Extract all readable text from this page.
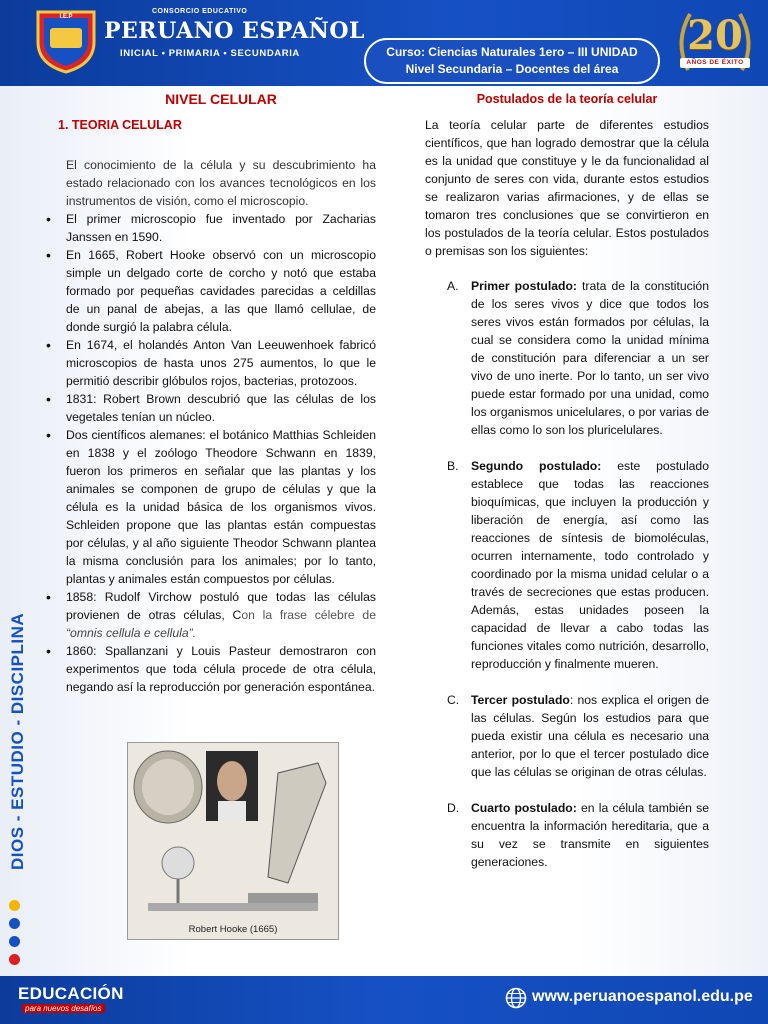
I.E.P
CONSORCIO EDUCATIVO
PERUANO ESPAÑOL
INICIAL • PRIMARIA • SECUNDARIA	Curso: Ciencias Naturales 1ero – III UNIDAD
Nivel Secundaria – Docentes del área
20
AÑOS DE ÉXITO
DIOS - ESTUDIO - DISCIPLINA
NIVEL CELULAR
1. TEORIA CELULAR

El conocimiento de la célula y su descubrimiento ha estado relacionado con los avances tecnológicos en los instrumentos de visión, como el microscopio.

• El primer microscopio fue inventado por Zacharias Janssen en 1590.
• En 1665, Robert Hooke observó con un microscopio simple un delgado corte de corcho y notó que estaba formado por pequeñas cavidades parecidas a celdillas de un panal de abejas, a las que llamó cellulae, de donde surgió la palabra célula.
• En 1674, el holandés Anton Van Leeuwenhoek fabricó microscopios de hasta unos 275 aumentos, lo que le permitió describir glóbulos rojos, bacterias, protozoos.
• 1831: Robert Brown descubrió que las células de los vegetales tenían un núcleo.
• Dos científicos alemanes: el botánico Matthias Schleiden en 1838 y el zoólogo Theodore Schwann en 1839, fueron los primeros en señalar que las plantas y los animales se componen de grupo de células y que la célula es la unidad básica de los organismos vivos. Schleiden propone que las plantas están compuestas por células, y al año siguiente Theodor Schwann plantea la misma conclusión para los animales; por lo tanto, plantas y animales están compuestos por células.
• 1858: Rudolf Virchow postuló que todas las células provienen de otras células, Con la frase célebre de “omnis cellula e cellula”.
• 1860: Spallanzani y Louis Pasteur demostraron con experimentos que toda célula procede de otra célula, negando así la reproducción por generación espontánea.
Robert Hooke (1665)
Postulados de la teoría celular

La teoría celular parte de diferentes estudios científicos, que han logrado demostrar que la célula es la unidad que constituye y le da funcionalidad al conjunto de seres con vida, durante estos estudios se realizaron varias afirmaciones, y de ellas se tomaron tres conclusiones que se convirtieron en los postulados de la teoría celular. Estos postulados o premisas son los siguientes:

A. Primer postulado: trata de la constitución de los seres vivos y dice que todos los seres vivos están formados por células, la cual se considera como la unidad mínima de constitución para diferenciar a un ser vivo de uno inerte. Por lo tanto, un ser vivo puede estar formado por una unidad, como los organismos unicelulares, o por varias de ellas como lo son los pluricelulares.
B. Segundo postulado: este postulado establece que todas las reacciones bioquímicas, que incluyen la producción y liberación de energía, así como las reacciones de síntesis de biomoléculas, ocurren internamente, todo controlado y coordinado por la misma unidad celular o a través de secreciones que estas producen. Además, estas unidades poseen la capacidad de llevar a cabo todas las funciones vitales como nutrición, desarrollo, reproducción y finalmente mueren.
C. Tercer postulado: nos explica el origen de las células. Según los estudios para que pueda existir una célula es necesario una anterior, por lo que el tercer postulado dice que las células se originan de otras células.
D. Cuarto postulado: en la célula también se encuentra la información hereditaria, que a su vez se transmite en siguientes generaciones.
EDUCACIÓN
para nuevos desafíos
www.peruanoespanol.edu.pe
